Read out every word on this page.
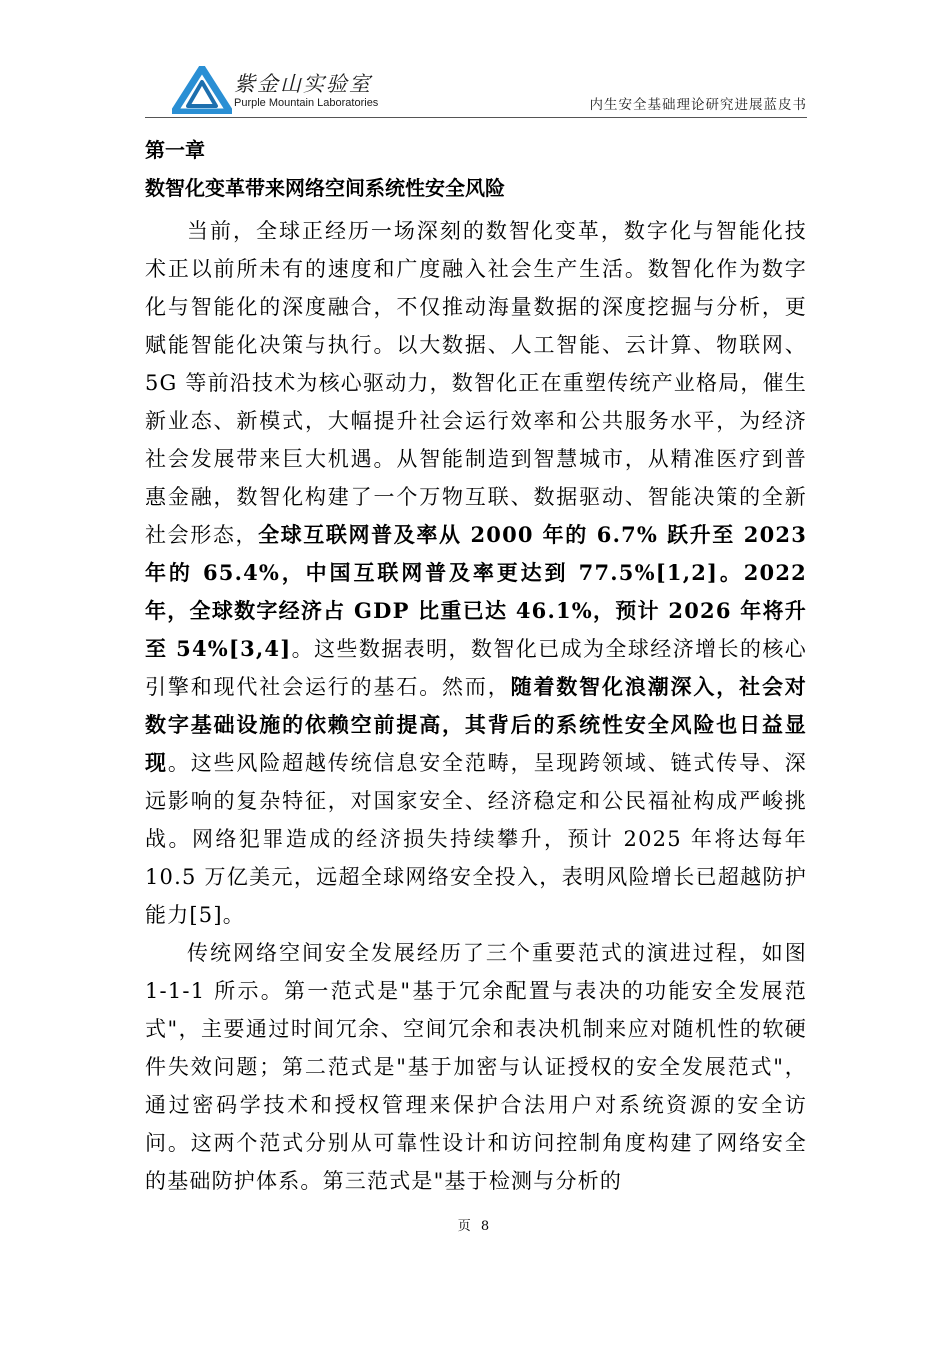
紫金山实验室
Purple Mountain Laboratories	内生安全基础理论研究进展蓝皮书
第一章
数智化变革带来网络空间系统性安全风险

当前，全球正经历一场深刻的数智化变革，数字化与智能化技术正以前所未有的速度和广度融入社会生产生活。数智化作为数字化与智能化的深度融合，不仅推动海量数据的深度挖掘与分析，更赋能智能化决策与执行。以大数据、人工智能、云计算、物联网、5G 等前沿技术为核心驱动力，数智化正在重塑传统产业格局，催生新业态、新模式，大幅提升社会运行效率和公共服务水平，为经济社会发展带来巨大机遇。从智能制造到智慧城市，从精准医疗到普惠金融，数智化构建了一个万物互联、数据驱动、智能决策的全新社会形态，全球互联网普及率从 2000 年的 6.7% 跃升至 2023 年的 65.4%，中国互联网普及率更达到 77.5%[1,2]。2022 年，全球数字经济占 GDP 比重已达 46.1%，预计 2026 年将升至 54%[3,4]。这些数据表明，数智化已成为全球经济增长的核心引擎和现代社会运行的基石。然而，随着数智化浪潮深入，社会对数字基础设施的依赖空前提高，其背后的系统性安全风险也日益显现。这些风险超越传统信息安全范畴，呈现跨领域、链式传导、深远影响的复杂特征，对国家安全、经济稳定和公民福祉构成严峻挑战。网络犯罪造成的经济损失持续攀升，预计 2025 年将达每年 10.5 万亿美元，远超全球网络安全投入，表明风险增长已超越防护能力[5]。

传统网络空间安全发展经历了三个重要范式的演进过程，如图 1-1-1 所示。第一范式是"基于冗余配置与表决的功能安全发展范式"，主要通过时间冗余、空间冗余和表决机制来应对随机性的软硬件失效问题；第二范式是"基于加密与认证授权的安全发展范式"，通过密码学技术和授权管理来保护合法用户对系统资源的安全访问。这两个范式分别从可靠性设计和访问控制角度构建了网络安全的基础防护体系。第三范式是"基于检测与分析的

页 8
